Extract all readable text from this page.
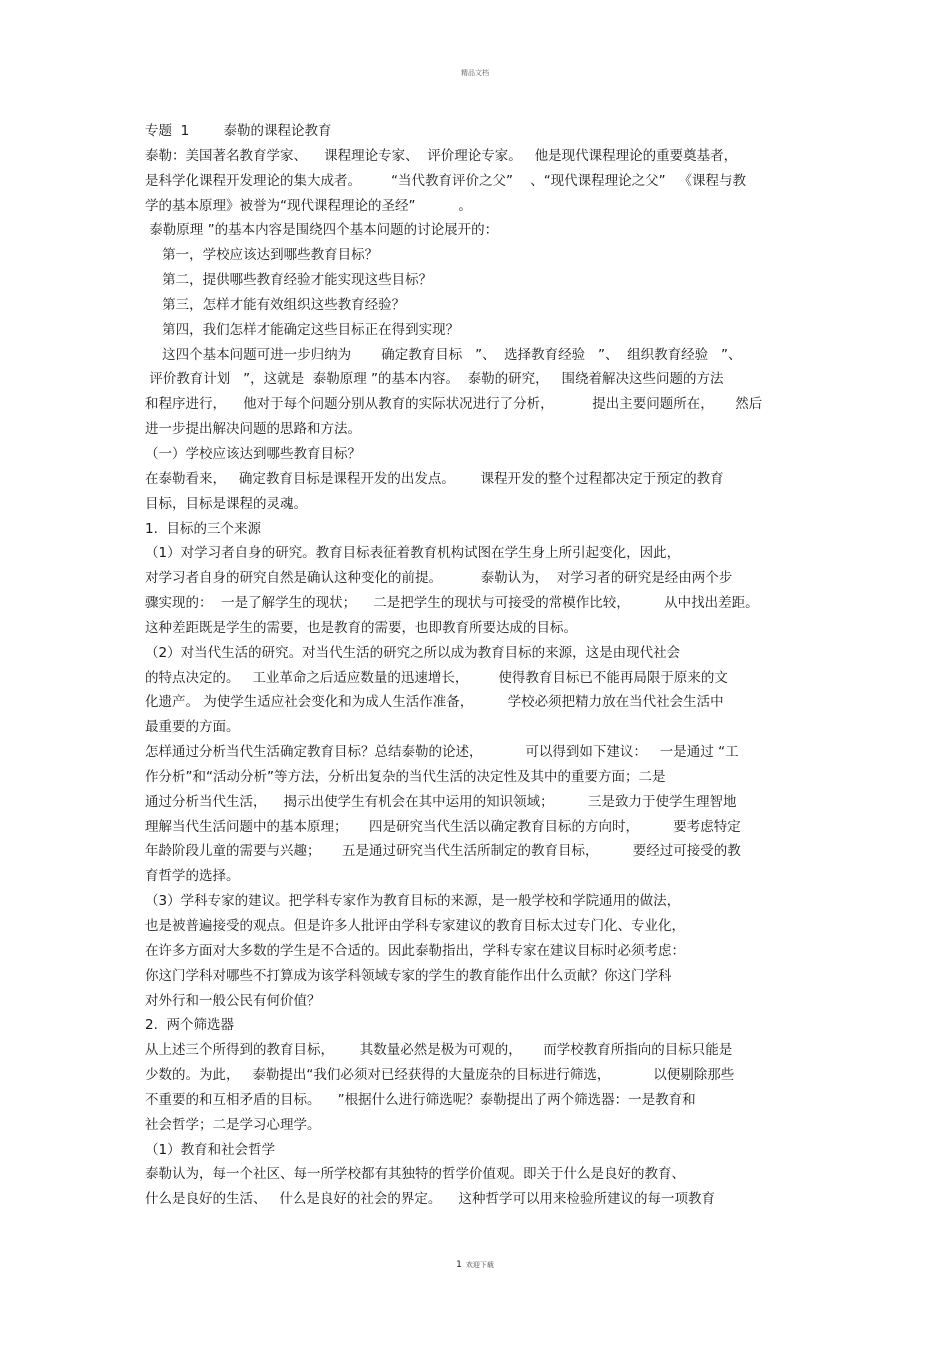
精品文档
专题  1        泰勒的课程论教育
泰勒：美国著名教育学家、    课程理论专家、  评价理论专家。   他是现代课程理论的重要奠基者，
是科学化课程开发理论的集大成者。       “当代教育评价之父”    、“现代课程理论之父”   《课程与教
学的基本原理》被誉为“现代课程理论的圣经”          。
泰勒原理 ”的基本内容是围绕四个基本问题的讨论展开的：
第一，学校应该达到哪些教育目标？
第二，提供哪些教育经验才能实现这些目标？
第三，怎样才能有效组织这些教育经验？
第四，我们怎样才能确定这些目标正在得到实现？
这四个基本问题可进一步归纳为       确定教育目标   ”、  选择教育经验   ”、  组织教育经验   ”、
评价教育计划   ”，这就是  泰勒原理 ”的基本内容。  泰勒的研究，   围绕着解决这些问题的方法
和程序进行，    他对于每个问题分别从教育的实际状况进行了分析，         提出主要问题所在，     然后
进一步提出解决问题的思路和方法。
（一）学校应该达到哪些教育目标？
在泰勒看来，   确定教育目标是课程开发的出发点。      课程开发的整个过程都决定于预定的教育
目标，目标是课程的灵魂。
1.  目标的三个来源
（1）对学习者自身的研究。教育目标表征着教育机构试图在学生身上所引起变化，因此，
对学习者自身的研究自然是确认这种变化的前提。         泰勒认为，  对学习者的研究是经由两个步
骤实现的：  一是了解学生的现状；    二是把学生的现状与可接受的常模作比较，        从中找出差距。
这种差距既是学生的需要，也是教育的需要，也即教育所要达成的目标。
（2）对当代生活的研究。对当代生活的研究之所以成为教育目标的来源，这是由现代社会
的特点决定的。   工业革命之后适应数量的迅速增长，       使得教育目标已不能再局限于原来的文
化遗产。 为使学生适应社会变化和为成人生活作准备，        学校必须把精力放在当代社会生活中
最重要的方面。
怎样通过分析当代生活确定教育目标？总结泰勒的论述，          可以得到如下建议：   一是通过 “工
作分析”和“活动分析”等方法，分析出复杂的当代生活的决定性及其中的重要方面；二是
通过分析当代生活，    揭示出使学生有机会在其中运用的知识领域；        三是致力于使学生理智地
理解当代生活问题中的基本原理；     四是研究当代生活以确定教育目标的方向时，        要考虑特定
年龄阶段儿童的需要与兴趣；     五是通过研究当代生活所制定的教育目标，        要经过可接受的教
育哲学的选择。
（3）学科专家的建议。把学科专家作为教育目标的来源，是一般学校和学院通用的做法，
也是被普遍接受的观点。但是许多人批评由学科专家建议的教育目标太过专门化、专业化，
在许多方面对大多数的学生是不合适的。因此泰勒指出，学科专家在建议目标时必须考虑：
你这门学科对哪些不打算成为该学科领域专家的学生的教育能作出什么贡献？你这门学科
对外行和一般公民有何价值？
2.  两个筛选器
从上述三个所得到的教育目标，      其数量必然是极为可观的，     而学校教育所指向的目标只能是
少数的。为此，   泰勒提出“我们必须对已经获得的大量庞杂的目标进行筛选，          以便剔除那些
不重要的和互相矛盾的目标。    ”根据什么进行筛选呢？泰勒提出了两个筛选器：一是教育和
社会哲学；二是学习心理学。
（1）教育和社会哲学
泰勒认为，每一个社区、每一所学校都有其独特的哲学价值观。即关于什么是良好的教育、
什么是良好的生活、   什么是良好的社会的界定。    这种哲学可以用来检验所建议的每一项教育
1 欢迎下载
